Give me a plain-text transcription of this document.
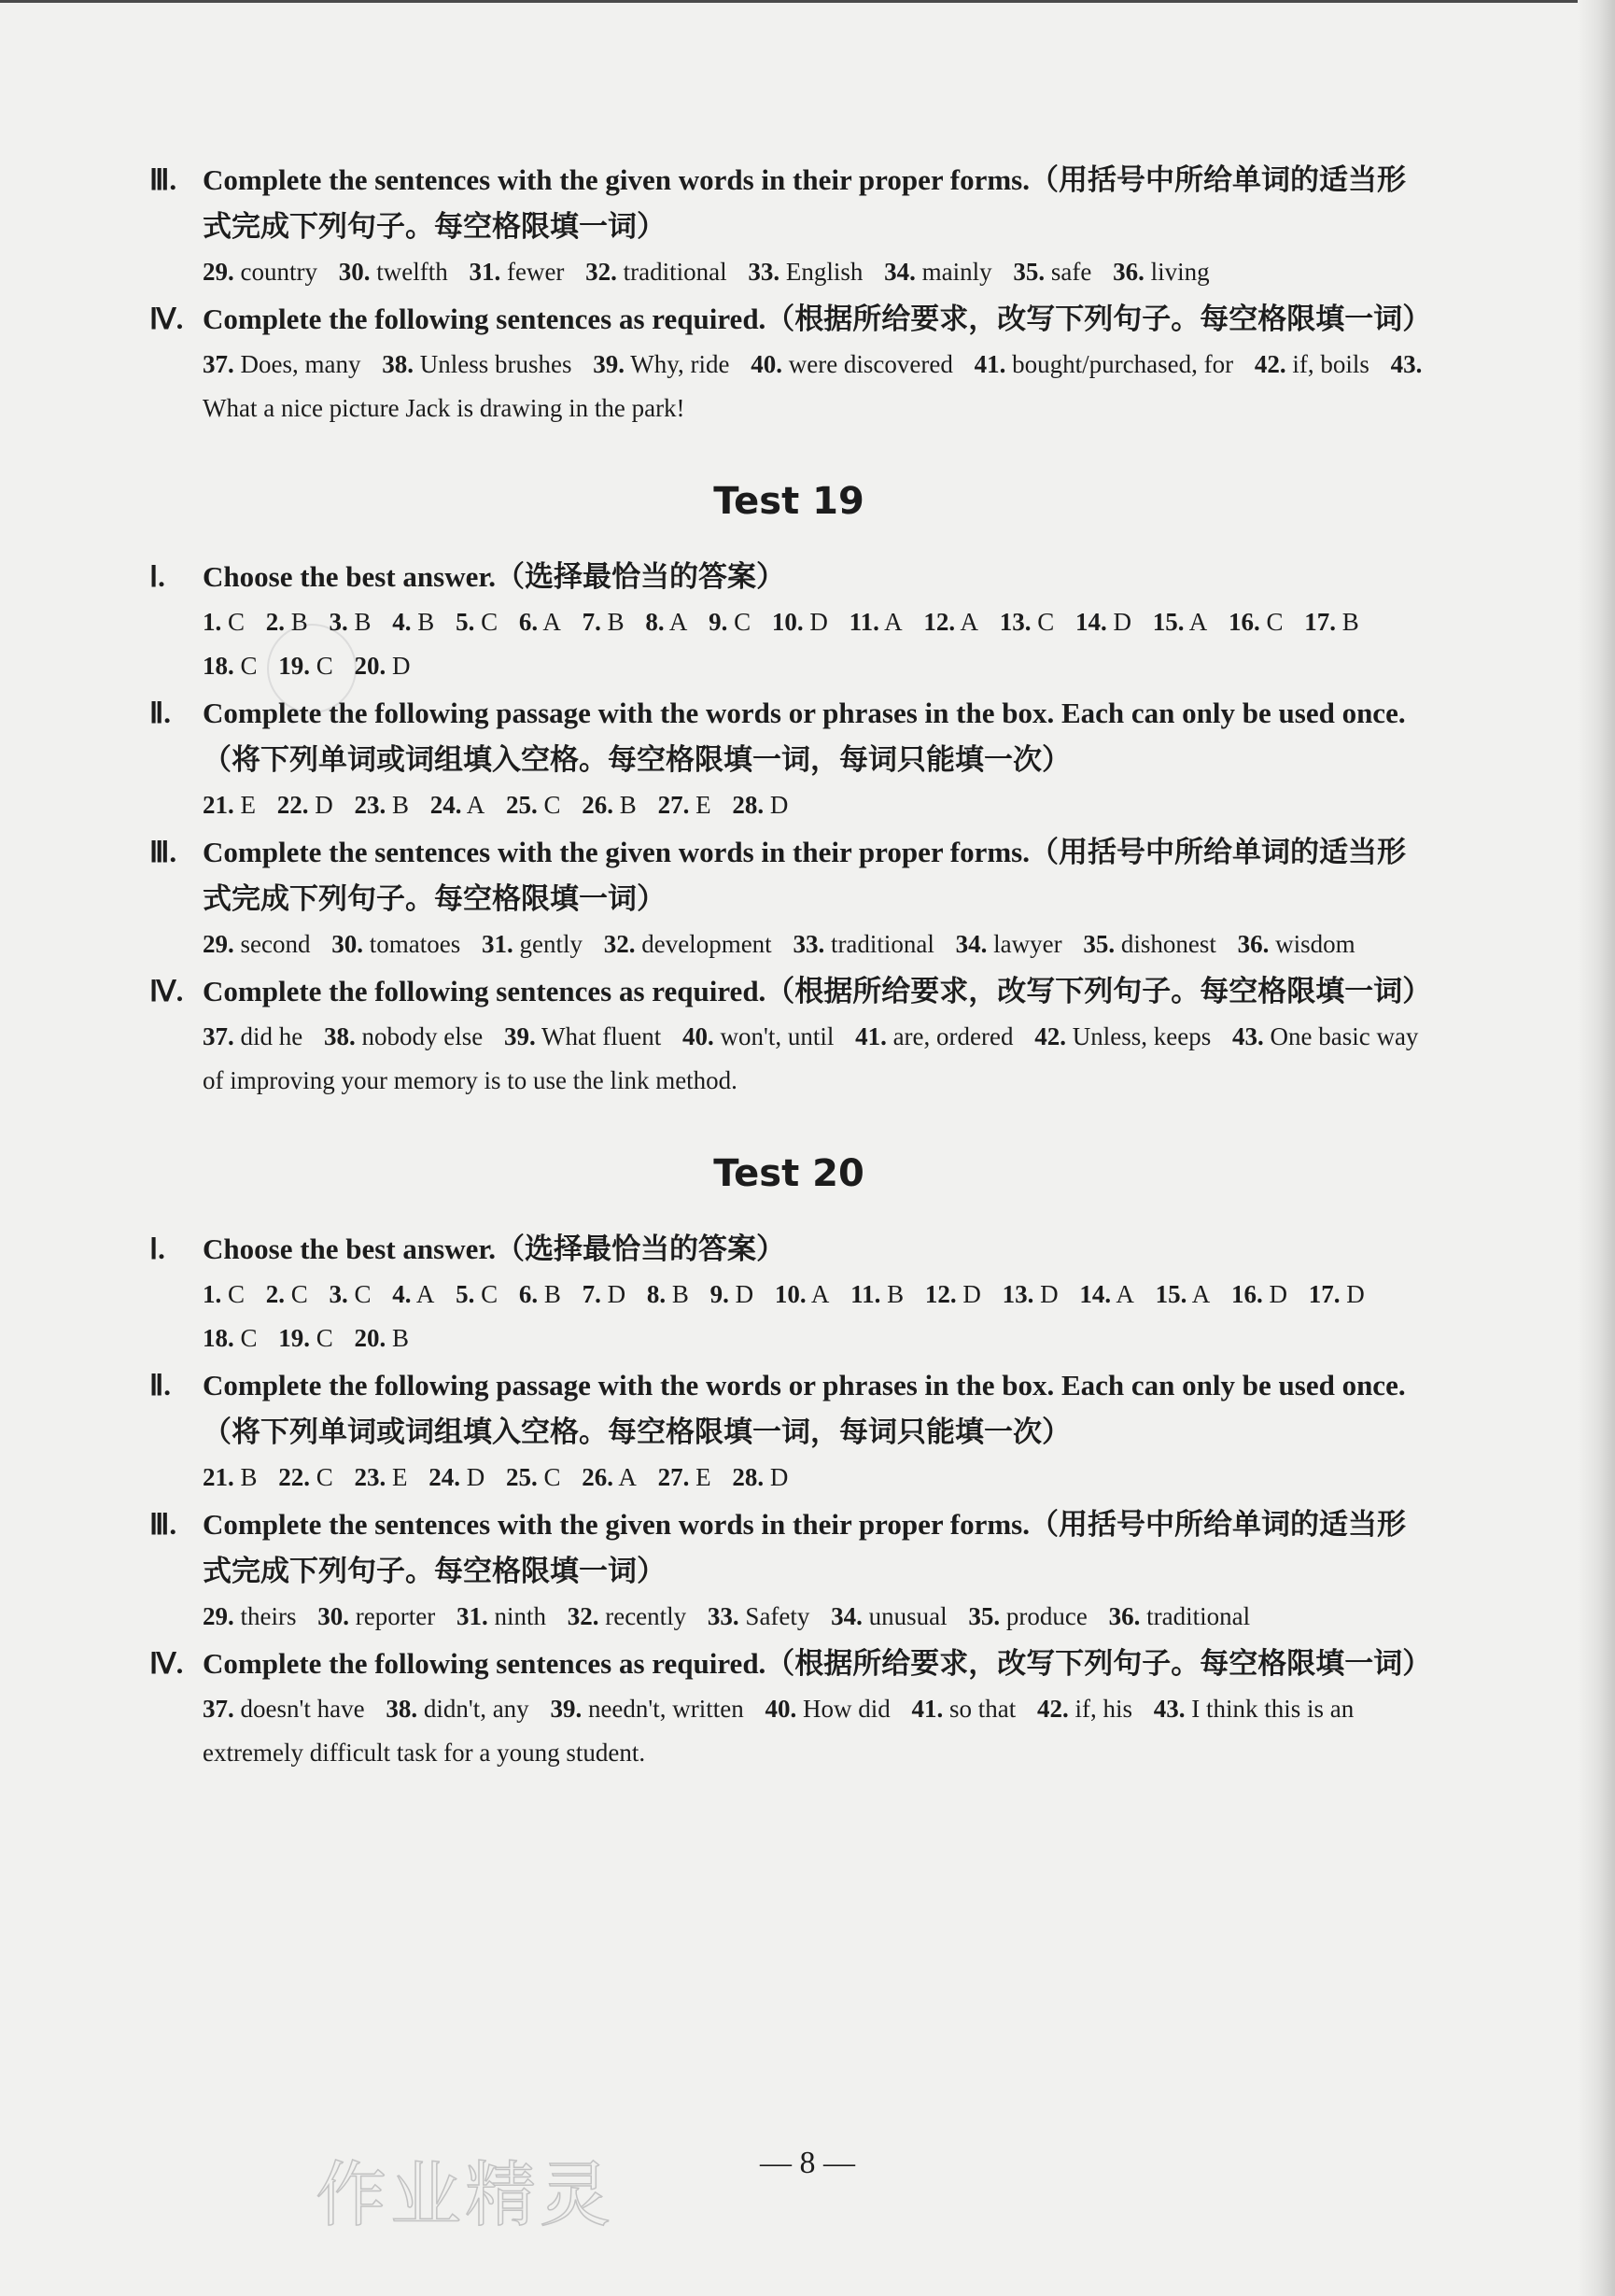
Ⅲ. Complete the sentences with the given words in their proper forms.（用括号中所给单词的适当形式完成下列句子。每空格限填一词）
29. country 30. twelfth 31. fewer 32. traditional 33. English 34. mainly 35. safe 36. living
Ⅳ. Complete the following sentences as required.（根据所给要求，改写下列句子。每空格限填一词）
37. Does, many 38. Unless brushes 39. Why, ride 40. were discovered 41. bought/purchased, for 42. if, boils 43. What a nice picture Jack is drawing in the park!
Test 19
Ⅰ.	Choose the best answer.（选择最恰当的答案）
1. C 2. B 3. B 4. B 5. C 6. A 7. B 8. A 9. C 10. D 11. A 12. A 13. C 14. D 15. A 16. C 17. B 18. C 19. C 20. D
Ⅱ.	Complete the following passage with the words or phrases in the box. Each can only be used once.（将下列单词或词组填入空格。每空格限填一词，每词只能填一次）
21. E 22. D 23. B 24. A 25. C 26. B 27. E 28. D
Ⅲ. Complete the sentences with the given words in their proper forms.（用括号中所给单词的适当形式完成下列句子。每空格限填一词）
29. second 30. tomatoes 31. gently 32. development 33. traditional 34. lawyer 35. dishonest 36. wisdom
Ⅳ. Complete the following sentences as required.（根据所给要求，改写下列句子。每空格限填一词）
37. did he 38. nobody else 39. What fluent 40. won't, until 41. are, ordered 42. Unless, keeps 43. One basic way of improving your memory is to use the link method.
Test 20
Ⅰ.	Choose the best answer.（选择最恰当的答案）
1. C 2. C 3. C 4. A 5. C 6. B 7. D 8. B 9. D 10. A 11. B 12. D 13. D 14. A 15. A 16. D 17. D 18. C 19. C 20. B
Ⅱ.	Complete the following passage with the words or phrases in the box. Each can only be used once.（将下列单词或词组填入空格。每空格限填一词，每词只能填一次）
21. B 22. C 23. E 24. D 25. C 26. A 27. E 28. D
Ⅲ. Complete the sentences with the given words in their proper forms.（用括号中所给单词的适当形式完成下列句子。每空格限填一词）
29. theirs 30. reporter 31. ninth 32. recently 33. Safety 34. unusual 35. produce 36. traditional
Ⅳ. Complete the following sentences as required.（根据所给要求，改写下列句子。每空格限填一词）
37. doesn't have 38. didn't, any 39. needn't, written 40. How did 41. so that 42. if, his 43. I think this is an extremely difficult task for a young student.
— 8 —
作业精灵
